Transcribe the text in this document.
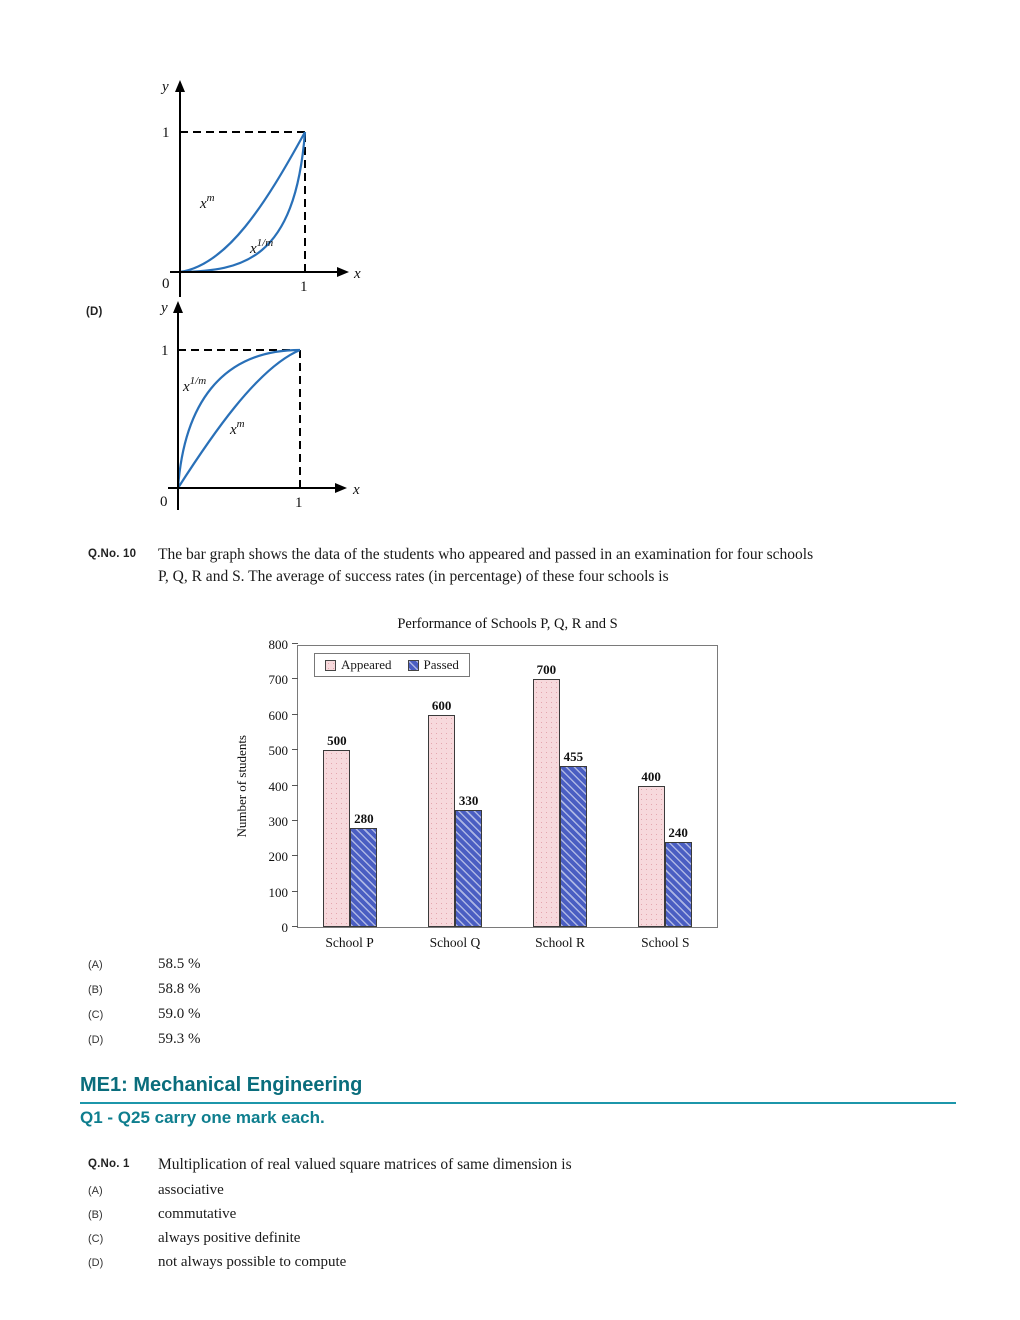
y
x
1
0	1
$x^m$
$x^{1/m}$
(D)	y
x
1
0	1
$x^{1/m}$
$x^m$
Q.No. 10 The bar graph shows the data of the students who appeared and passed in an examination for four schools P, Q, R and S. The average of success rates (in percentage) of these four schools is
Performance of Schools P, Q, R and S
Number of students
0
100
200
300
400
500
600
700
800
Appeared Passed
500
280
600
330
700
455
400
240
School P	School Q	School R	School S
(A)	58.5 %
(B)	58.8 %
(C)	59.0 %
(D)	59.3 %
ME1: Mechanical Engineering
Q1 - Q25 carry one mark each.
Q.No. 1 Multiplication of real valued square matrices of same dimension is
(A)	associative
(B)	commutative
(C)	always positive definite
(D)	not always possible to compute
